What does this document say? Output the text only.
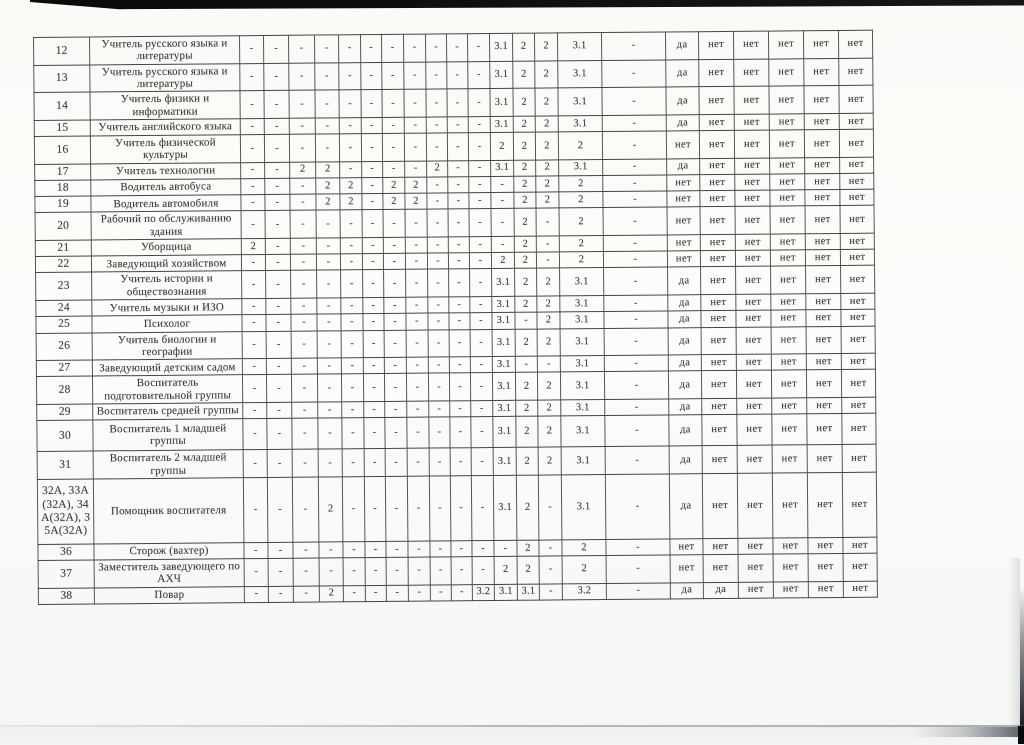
12	Учитель русского языка и литературы	-	-	-	-	-	-	-	-	-	-	-	3.1	2	2	3.1	-	да	нет	нет	нет	нет	нет
13	Учитель русского языка и литературы	-	-	-	-	-	-	-	-	-	-	-	3.1	2	2	3.1	-	да	нет	нет	нет	нет	нет
14	Учитель физики и информатики	-	-	-	-	-	-	-	-	-	-	-	3.1	2	2	3.1	-	да	нет	нет	нет	нет	нет
15	Учитель английского языка	-	-	-	-	-	-	-	-	-	-	-	3.1	2	2	3.1	-	да	нет	нет	нет	нет	нет
16	Учитель физической культуры	-	-	-	-	-	-	-	-	-	-	-	2	2	2	2	-	нет	нет	нет	нет	нет	нет
17	Учитель технологии	-	-	2	2	-	-	-	-	2	-	-	3.1	2	2	3.1	-	да	нет	нет	нет	нет	нет
18	Водитель автобуса	-	-	-	2	2	-	2	2	-	-	-	-	2	2	2	-	нет	нет	нет	нет	нет	нет
19	Водитель автомобиля	-	-	-	2	2	-	2	2	-	-	-	-	2	2	2	-	нет	нет	нет	нет	нет	нет
20	Рабочий по обслуживанию здания	-	-	-	-	-	-	-	-	-	-	-	-	2	-	2	-	нет	нет	нет	нет	нет	нет
21	Уборщица	2	-	-	-	-	-	-	-	-	-	-	-	2	-	2	-	нет	нет	нет	нет	нет	нет
22	Заведующий хозяйством	-	-	-	-	-	-	-	-	-	-	-	2	2	-	2	-	нет	нет	нет	нет	нет	нет
23	Учитель истории и обществознания	-	-	-	-	-	-	-	-	-	-	-	3.1	2	2	3.1	-	да	нет	нет	нет	нет	нет
24	Учитель музыки и ИЗО	-	-	-	-	-	-	-	-	-	-	-	3.1	2	2	3.1	-	да	нет	нет	нет	нет	нет
25	Психолог	-	-	-	-	-	-	-	-	-	-	-	3.1	-	2	3.1	-	да	нет	нет	нет	нет	нет
26	Учитель биологии и географии	-	-	-	-	-	-	-	-	-	-	-	3.1	2	2	3.1	-	да	нет	нет	нет	нет	нет
27	Заведующий детским садом	-	-	-	-	-	-	-	-	-	-	-	3.1	-	-	3.1	-	да	нет	нет	нет	нет	нет
28	Воспитатель подготовительной группы	-	-	-	-	-	-	-	-	-	-	-	3.1	2	2	3.1	-	да	нет	нет	нет	нет	нет
29	Воспитатель средней группы	-	-	-	-	-	-	-	-	-	-	-	3.1	2	2	3.1	-	да	нет	нет	нет	нет	нет
30	Воспитатель 1 младшей группы	-	-	-	-	-	-	-	-	-	-	-	3.1	2	2	3.1	-	да	нет	нет	нет	нет	нет
31	Воспитатель 2 младшей группы	-	-	-	-	-	-	-	-	-	-	-	3.1	2	2	3.1	-	да	нет	нет	нет	нет	нет
32А, 33А(32А), 34А(32А), 35А(32А)	Помощник воспитателя	-	-	-	2	-	-	-	-	-	-	-	3.1	2	-	3.1	-	да	нет	нет	нет	нет	нет
36	Сторож (вахтер)	-	-	-	-	-	-	-	-	-	-	-	-	2	-	2	-	нет	нет	нет	нет	нет	нет
37	Заместитель заведующего по АХЧ	-	-	-	-	-	-	-	-	-	-	-	2	2	-	2	-	нет	нет	нет	нет	нет	нет
38	Повар	-	-	-	2	-	-	-	-	-	-	3.2	3.1	3.1	-	3.2	-	да	да	нет	нет	нет	нет
